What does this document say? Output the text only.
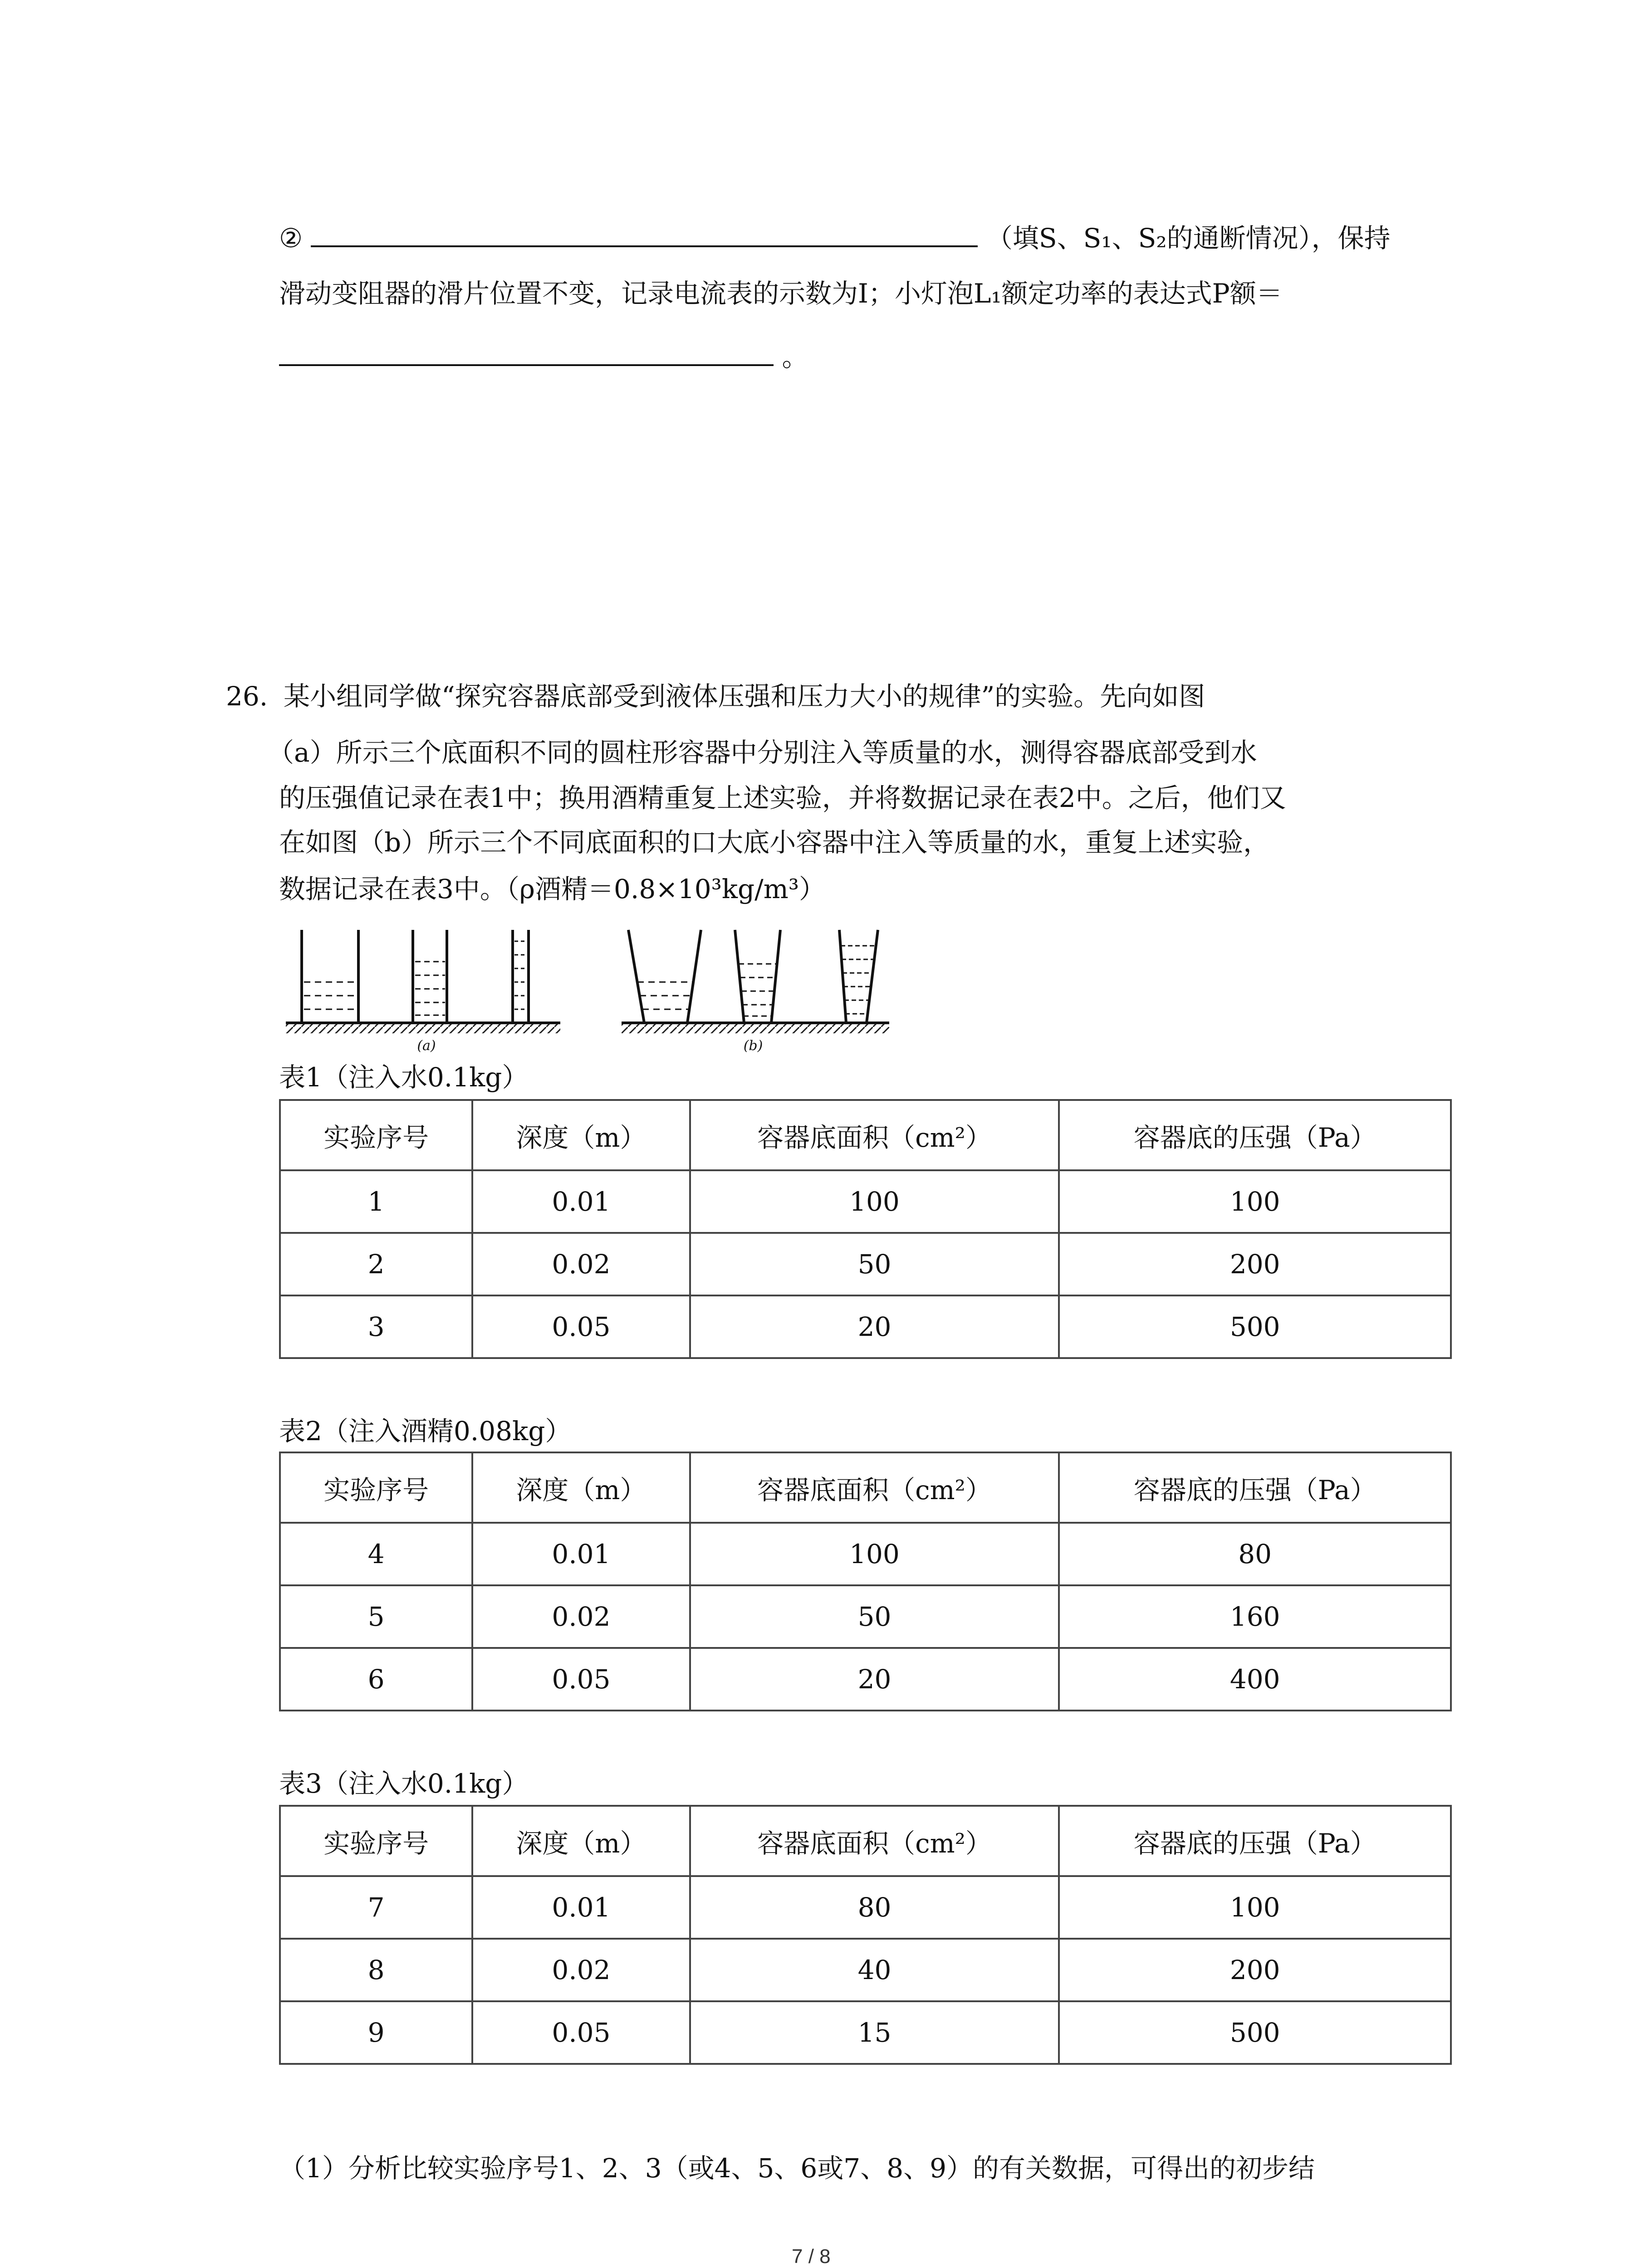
②	（填S、S₁、S₂的通断情况），保持
滑动变阻器的滑片位置不变，记录电流表的示数为I；小灯泡L₁额定功率的表达式P额＝
。
26. 某小组同学做“探究容器底部受到液体压强和压力大小的规律”的实验。先向如图
（a）所示三个底面积不同的圆柱形容器中分别注入等质量的水，测得容器底部受到水
的压强值记录在表1中；换用酒精重复上述实验，并将数据记录在表2中。之后，他们又
在如图（b）所示三个不同底面积的口大底小容器中注入等质量的水，重复上述实验，
数据记录在表3中。（ρ酒精＝0.8×10³kg/m³）
(a)	(b)
表1（注入水0.1kg）
实验序号	深度（m）	容器底面积（cm²）	容器底的压强（Pa）
1	0.01	100	100
2	0.02	50	200
3	0.05	20	500
表2（注入酒精0.08kg）
实验序号	深度（m）	容器底面积（cm²）	容器底的压强（Pa）
4	0.01	100	80
5	0.02	50	160
6	0.05	20	400
表3（注入水0.1kg）
实验序号	深度（m）	容器底面积（cm²）	容器底的压强（Pa）
7	0.01	80	100
8	0.02	40	200
9	0.05	15	500
（1）分析比较实验序号1、2、3（或4、5、6或7、8、9）的有关数据，可得出的初步结
7 / 8
